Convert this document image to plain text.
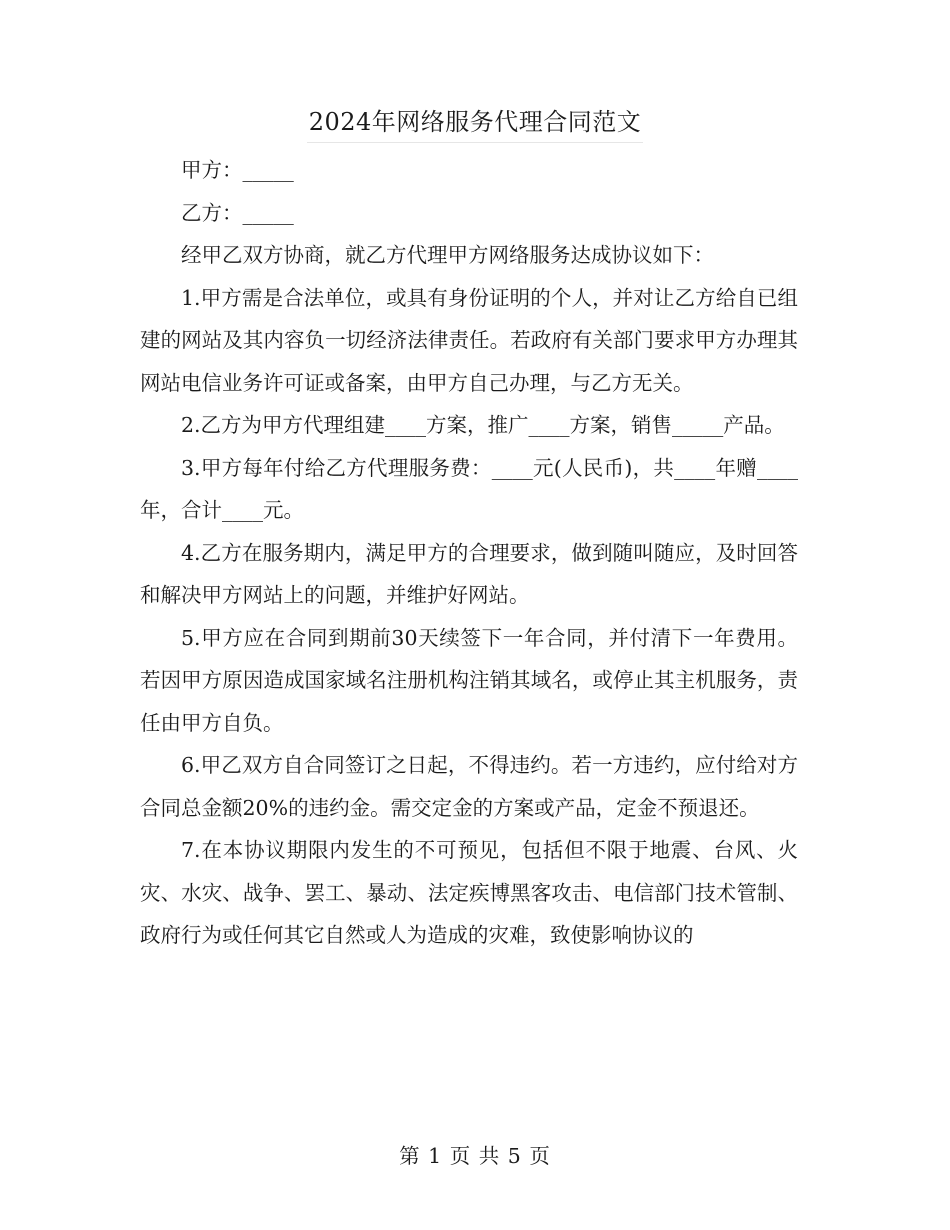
2024年网络服务代理合同范文

甲方：_____

乙方：_____

经甲乙双方协商，就乙方代理甲方网络服务达成协议如下：

1.甲方需是合法单位，或具有身份证明的个人，并对让乙方给自已组建的网站及其内容负一切经济法律责任。若政府有关部门要求甲方办理其网站电信业务许可证或备案，由甲方自己办理，与乙方无关。

2.乙方为甲方代理组建____方案，推广____方案，销售_____产品。

3.甲方每年付给乙方代理服务费：____元(人民币)，共____年赠____年，合计____元。

4.乙方在服务期内，满足甲方的合理要求，做到随叫随应，及时回答和解决甲方网站上的问题，并维护好网站。

5.甲方应在合同到期前30天续签下一年合同，并付清下一年费用。若因甲方原因造成国家域名注册机构注销其域名，或停止其主机服务，责任由甲方自负。

6.甲乙双方自合同签订之日起，不得违约。若一方违约，应付给对方合同总金额20%的违约金。需交定金的方案或产品，定金不预退还。

7.在本协议期限内发生的不可预见，包括但不限于地震、台风、火灾、水灾、战争、罢工、暴动、法定疾博黑客攻击、电信部门技术管制、政府行为或任何其它自然或人为造成的灾难，致使影响协议的

第 1 页 共 5 页
